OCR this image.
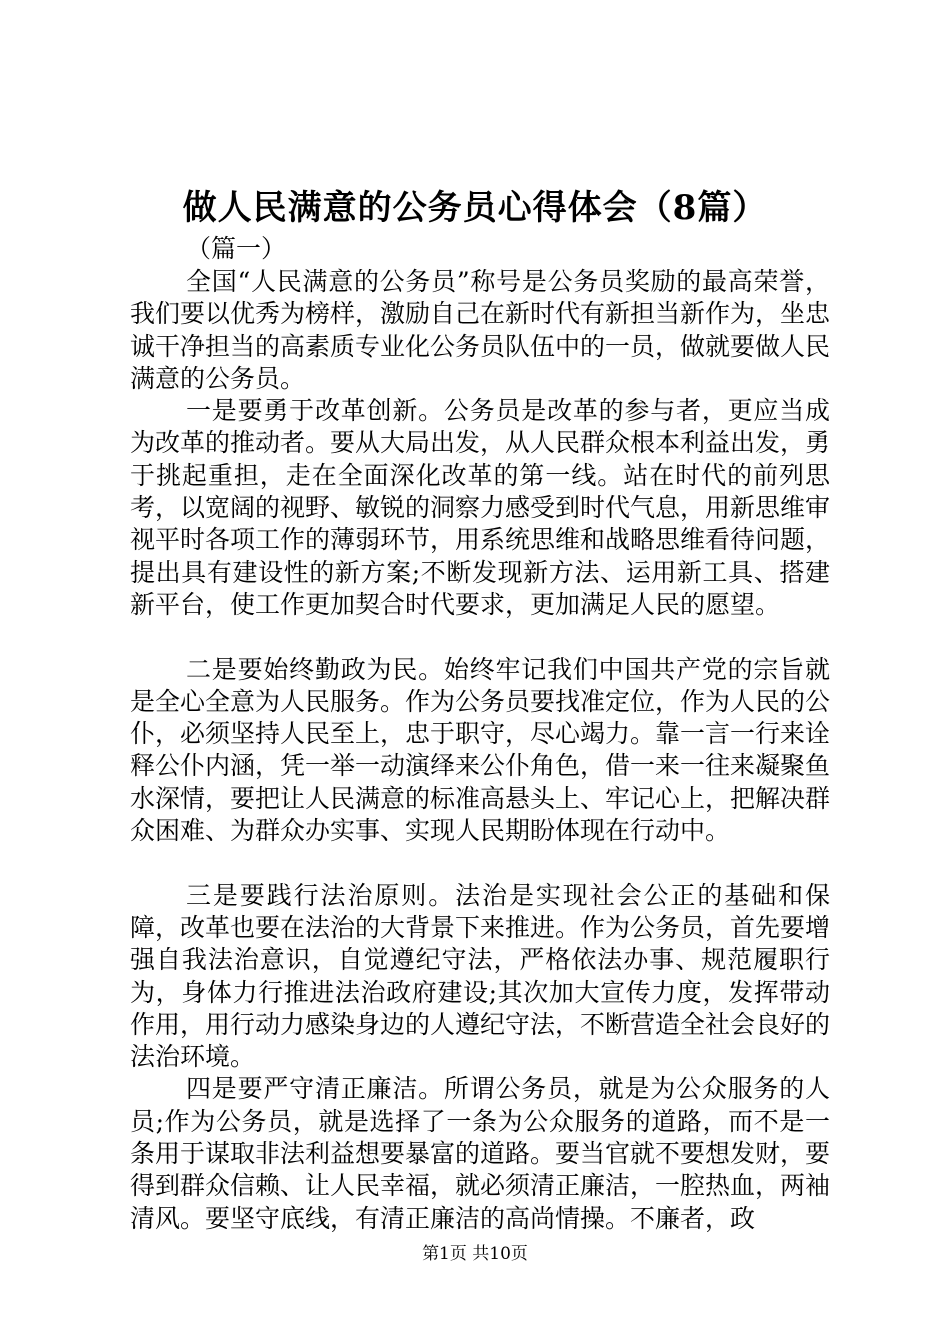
做人民满意的公务员心得体会（8篇）

（篇一）

全国“人民满意的公务员”称号是公务员奖励的最高荣誉，我们要以优秀为榜样，激励自己在新时代有新担当新作为，坐忠诚干净担当的高素质专业化公务员队伍中的一员，做就要做人民满意的公务员。

一是要勇于改革创新。公务员是改革的参与者，更应当成为改革的推动者。要从大局出发，从人民群众根本利益出发，勇于挑起重担，走在全面深化改革的第一线。站在时代的前列思考，以宽阔的视野、敏锐的洞察力感受到时代气息，用新思维审视平时各项工作的薄弱环节，用系统思维和战略思维看待问题，提出具有建设性的新方案;不断发现新方法、运用新工具、搭建新平台，使工作更加契合时代要求，更加满足人民的愿望。

二是要始终勤政为民。始终牢记我们中国共产党的宗旨就是全心全意为人民服务。作为公务员要找准定位，作为人民的公仆，必须坚持人民至上，忠于职守，尽心竭力。靠一言一行来诠释公仆内涵，凭一举一动演绎来公仆角色，借一来一往来凝聚鱼水深情，要把让人民满意的标准高悬头上、牢记心上，把解决群众困难、为群众办实事、实现人民期盼体现在行动中。

三是要践行法治原则。法治是实现社会公正的基础和保障，改革也要在法治的大背景下来推进。作为公务员，首先要增强自我法治意识，自觉遵纪守法，严格依法办事、规范履职行为，身体力行推进法治政府建设;其次加大宣传力度，发挥带动作用，用行动力感染身边的人遵纪守法，不断营造全社会良好的法治环境。

四是要严守清正廉洁。所谓公务员，就是为公众服务的人员;作为公务员，就是选择了一条为公众服务的道路，而不是一条用于谋取非法利益想要暴富的道路。要当官就不要想发财，要得到群众信赖、让人民幸福，就必须清正廉洁，一腔热血，两袖清风。要坚守底线，有清正廉洁的高尚情操。不廉者，政

第1页 共10页
